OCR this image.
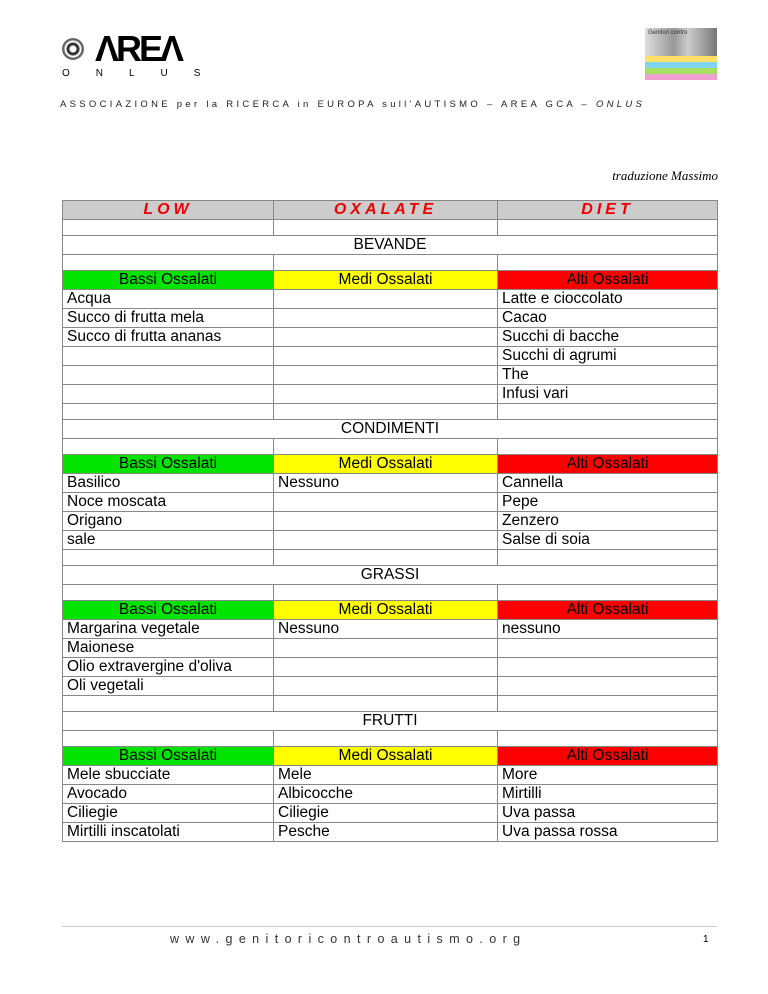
ΛREΛ
ONLUS
Genitori contro
ASSOCIAZIONE per la RICERCA in EUROPA sull'AUTISMO – AREA GCA – ONLUS
traduzione Massimo
LOW	OXALATE	DIET

BEVANDE		

Bassi Ossalati	Medi Ossalati	Alti Ossalati
Acqua		Latte e cioccolato
Succo di frutta mela		Cacao
Succo di frutta ananas		Succhi di bacche
		Succhi di agrumi
		The
		Infusi vari

CONDIMENTI		

Bassi Ossalati	Medi Ossalati	Alti Ossalati
Basilico	Nessuno	Cannella
Noce moscata		Pepe
Origano		Zenzero
sale		Salse di soia

GRASSI		

Bassi Ossalati	Medi Ossalati	Alti Ossalati
Margarina vegetale	Nessuno	nessuno
Maionese		
Olio extravergine d'oliva		
Oli vegetali		

FRUTTI		

Bassi Ossalati	Medi Ossalati	Alti Ossalati
Mele sbucciate	Mele	More
Avocado	Albicocche	Mirtilli
Ciliegie	Ciliegie	Uva passa
Mirtilli inscatolati	Pesche	Uva passa rossa
www.genitoricontroautismo.org	1
